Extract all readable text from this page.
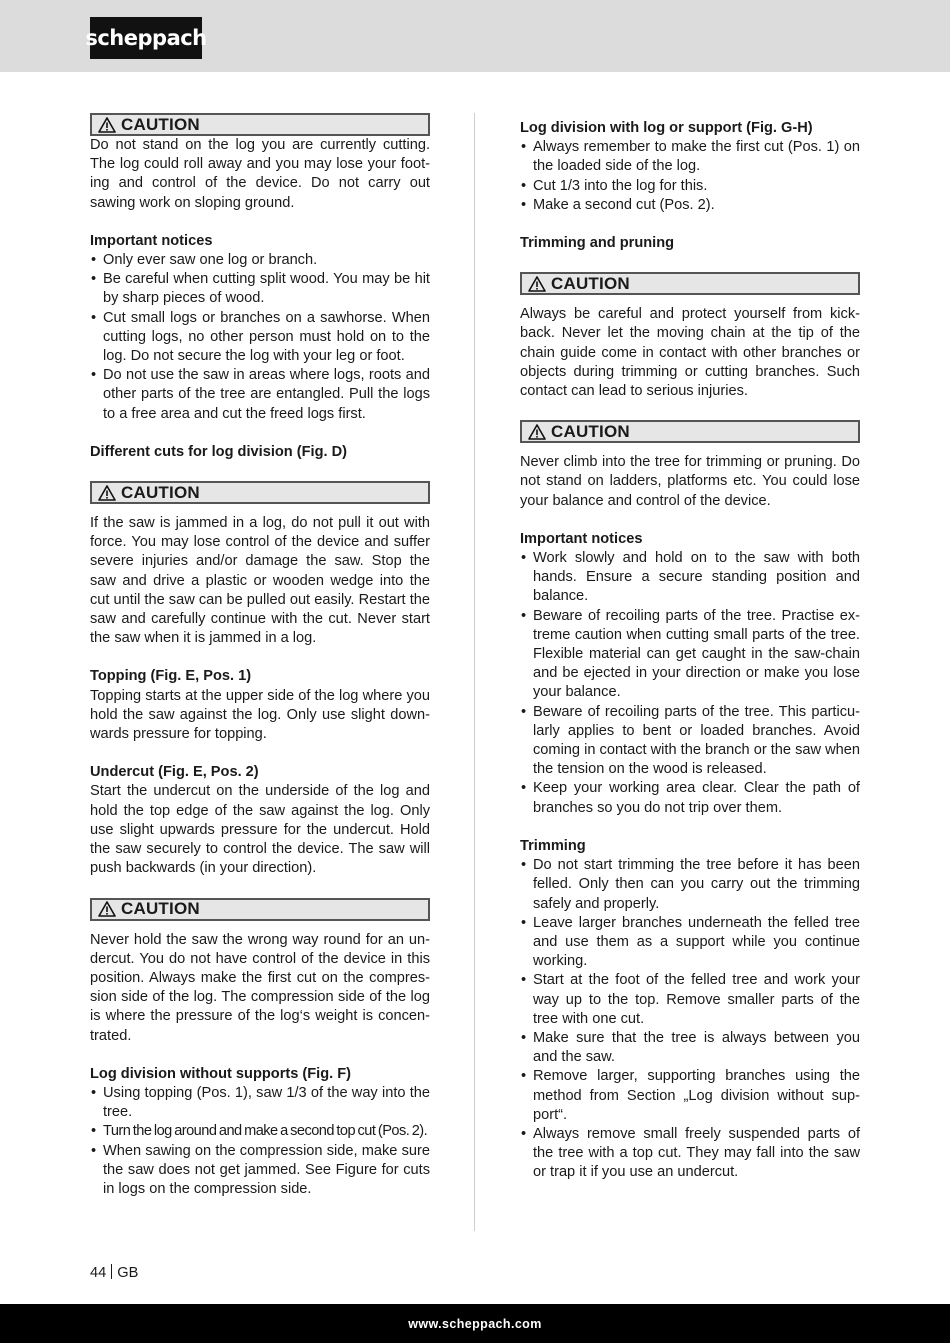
scheppach
CAUTION

Do not stand on the log you are currently cutting. The log could roll away and you may lose your foot-ing and control of the device. Do not carry out sawing work on sloping ground.

Important notices
• Only ever saw one log or branch.
• Be careful when cutting split wood. You may be hit by sharp pieces of wood.
• Cut small logs or branches on a sawhorse. When cutting logs, no other person must hold on to the log. Do not secure the log with your leg or foot.
• Do not use the saw in areas where logs, roots and other parts of the tree are entangled. Pull the logs to a free area and cut the freed logs first.
Different cuts for log division (Fig. D)
CAUTION

If the saw is jammed in a log, do not pull it out with force. You may lose control of the device and suffer severe injuries and/or damage the saw. Stop the saw and drive a plastic or wooden wedge into the cut until the saw can be pulled out easily. Restart the saw and carefully continue with the cut. Never start the saw when it is jammed in a log.

Topping (Fig. E, Pos. 1)

Topping starts at the upper side of the log where you hold the saw against the log. Only use slight down-wards pressure for topping.

Undercut (Fig. E, Pos. 2)

Start the undercut on the underside of the log and hold the top edge of the saw against the log. Only use slight upwards pressure for the undercut. Hold the saw securely to control the device. The saw will push backwards (in your direction).

CAUTION

Never hold the saw the wrong way round for an un-dercut. You do not have control of the device in this position. Always make the first cut on the compres-sion side of the log. The compression side of the log is where the pressure of the log‘s weight is concen-trated.

Log division without supports (Fig. F)
• Using topping (Pos. 1), saw 1/3 of the way into the tree.
• Turn the log around and make a second top cut (Pos. 2).
• When sawing on the compression side, make sure the saw does not get jammed. See Figure for cuts in logs on the compression side.
Log division with log or support (Fig. G-H)
• Always remember to make the first cut (Pos. 1) on the loaded side of the log.
• Cut 1/3 into the log for this.
• Make a second cut (Pos. 2).
Trimming and pruning
CAUTION

Always be careful and protect yourself from kick-back. Never let the moving chain at the tip of the chain guide come in contact with other branches or objects during trimming or cutting branches. Such contact can lead to serious injuries.

CAUTION

Never climb into the tree for trimming or pruning. Do not stand on ladders, platforms etc. You could lose your balance and control of the device.

Important notices
• Work slowly and hold on to the saw with both hands. Ensure a secure standing position and balance.
• Beware of recoiling parts of the tree. Practise ex-treme caution when cutting small parts of the tree. Flexible material can get caught in the saw-chain and be ejected in your direction or make you lose your balance.
• Beware of recoiling parts of the tree. This particu-larly applies to bent or loaded branches. Avoid coming in contact with the branch or the saw when the tension on the wood is released.
• Keep your working area clear. Clear the path of branches so you do not trip over them.
Trimming
• Do not start trimming the tree before it has been felled. Only then can you carry out the trimming safely and properly.
• Leave larger branches underneath the felled tree and use them as a support while you continue working.
• Start at the foot of the felled tree and work your way up to the top. Remove smaller parts of the tree with one cut.
• Make sure that the tree is always between you and the saw.
• Remove larger, supporting branches using the method from Section „Log division without sup-port“.
• Always remove small freely suspended parts of the tree with a top cut. They may fall into the saw or trap it if you use an undercut.
44 GB
www.scheppach.com
